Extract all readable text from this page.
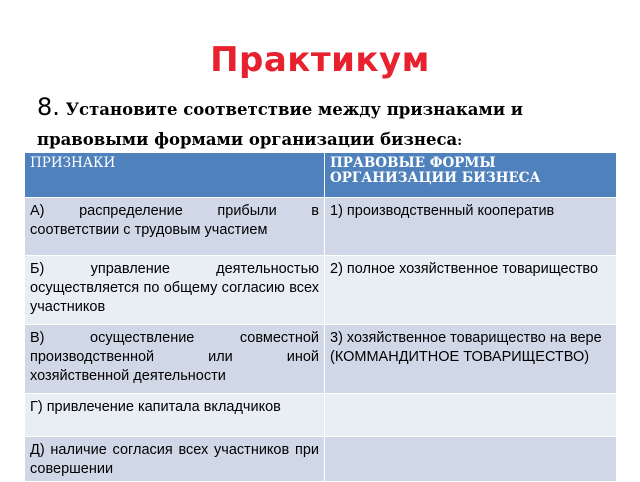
Практикум
8. Установите соответствие между признаками и
правовыми формами организации бизнеса:
ПРИЗНАКИ	ПРАВОВЫЕ ФОРМЫ ОРГАНИЗАЦИИ БИЗНЕСА
А) распределение прибыли в соответствии с трудовым участием	1) производственный кооператив
Б) управление деятельностью осуществляется по общему согласию всех участников	2) полное хозяйственное товарищество
В) осуществление совместной производственной или иной хозяйственной деятельности	3) хозяйственное товарищество на вере (КОММАНДИТНОЕ ТОВАРИЩЕСТВО)
Г) привлечение капитала вкладчиков	
Д) наличие согласия всех участников при совершении	
